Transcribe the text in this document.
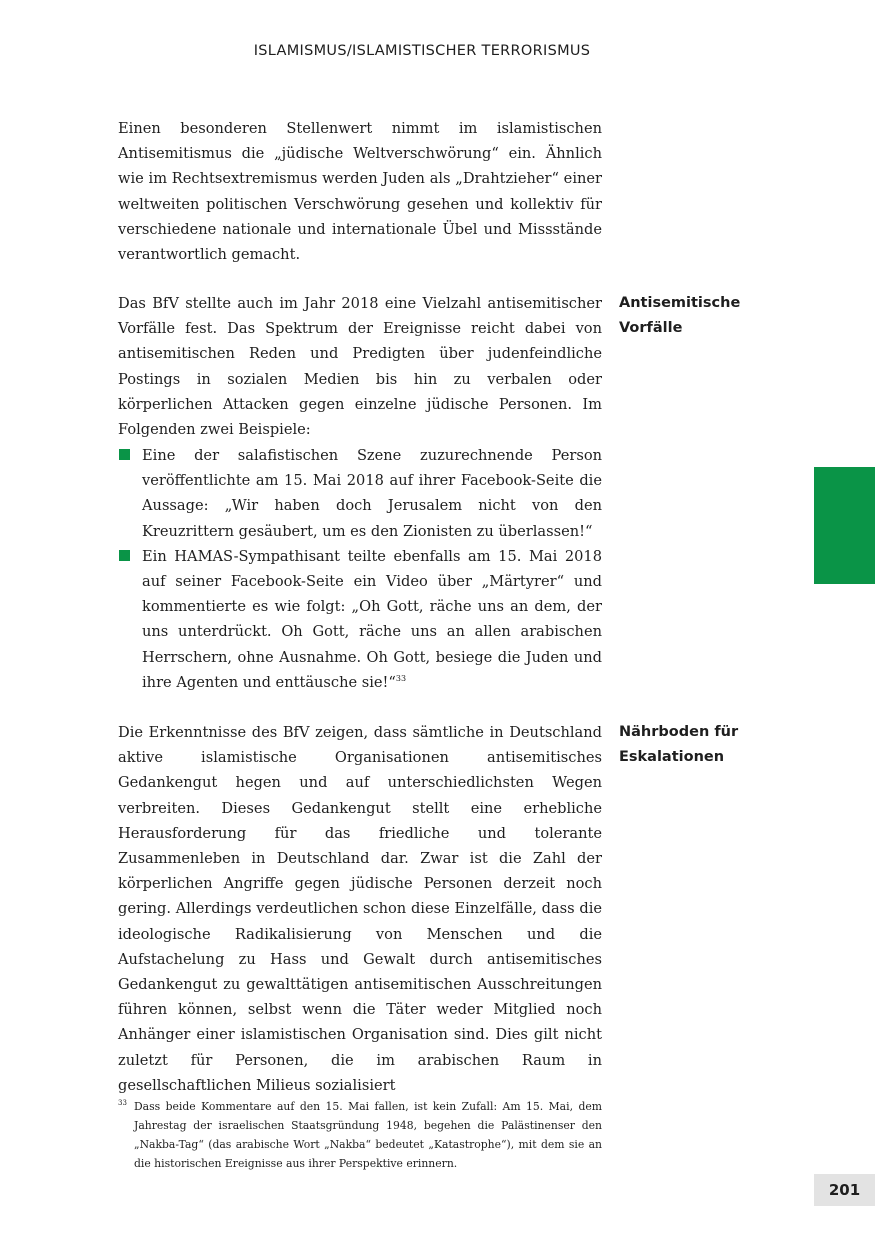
ISLAMISMUS/ISLAMISTISCHER TERRORISMUS

Einen besonderen Stellenwert nimmt im islamistischen Antisemitismus die „jüdische Weltverschwörung“ ein. Ähnlich wie im Rechtsextremismus werden Juden als „Drahtzieher“ einer weltweiten politischen Verschwörung gesehen und kollektiv für verschiedene nationale und internationale Übel und Missstände verantwortlich gemacht.

Antisemitische
Vorfälle

Das BfV stellte auch im Jahr 2018 eine Vielzahl antisemitischer Vorfälle fest. Das Spektrum der Ereignisse reicht dabei von antisemitischen Reden und Predigten über judenfeindliche Postings in sozialen Medien bis hin zu verbalen oder körperlichen Attacken gegen einzelne jüdische Personen. Im Folgenden zwei Beispiele:

Eine der salafistischen Szene zuzurechnende Person veröffentlichte am 15. Mai 2018 auf ihrer Facebook-Seite die Aussage: „Wir haben doch Jerusalem nicht von den Kreuzrittern gesäubert, um es den Zionisten zu überlassen!“
Ein HAMAS-Sympathisant teilte ebenfalls am 15. Mai 2018 auf seiner Facebook-Seite ein Video über „Märtyrer“ und kommentierte es wie folgt: „Oh Gott, räche uns an dem, der uns unterdrückt. Oh Gott, räche uns an allen arabischen Herrschern, ohne Ausnahme. Oh Gott, besiege die Juden und ihre Agenten und enttäusche sie!“$^{33}$
Nährboden für
Eskalationen

Die Erkenntnisse des BfV zeigen, dass sämtliche in Deutschland aktive islamistische Organisationen antisemitisches Gedankengut hegen und auf unterschiedlichsten Wegen verbreiten. Dieses Gedankengut stellt eine erhebliche Herausforderung für das friedliche und tolerante Zusammenleben in Deutschland dar. Zwar ist die Zahl der körperlichen Angriffe gegen jüdische Personen derzeit noch gering. Allerdings verdeutlichen schon diese Einzelfälle, dass die ideologische Radikalisierung von Menschen und die Aufstachelung zu Hass und Gewalt durch antisemitisches Gedankengut zu gewalttätigen antisemitischen Ausschreitungen führen können, selbst wenn die Täter weder Mitglied noch Anhänger einer islamistischen Organisation sind. Dies gilt nicht zuletzt für Personen, die im arabischen Raum in gesellschaftlichen Milieus sozialisiert

33 Dass beide Kommentare auf den 15. Mai fallen, ist kein Zufall: Am 15. Mai, dem Jahrestag der israelischen Staatsgründung 1948, begehen die Palästinenser den „Nakba-Tag“ (das arabische Wort „Nakba“ bedeutet „Katastrophe“), mit dem sie an die historischen Ereignisse aus ihrer Perspektive erinnern.
201
